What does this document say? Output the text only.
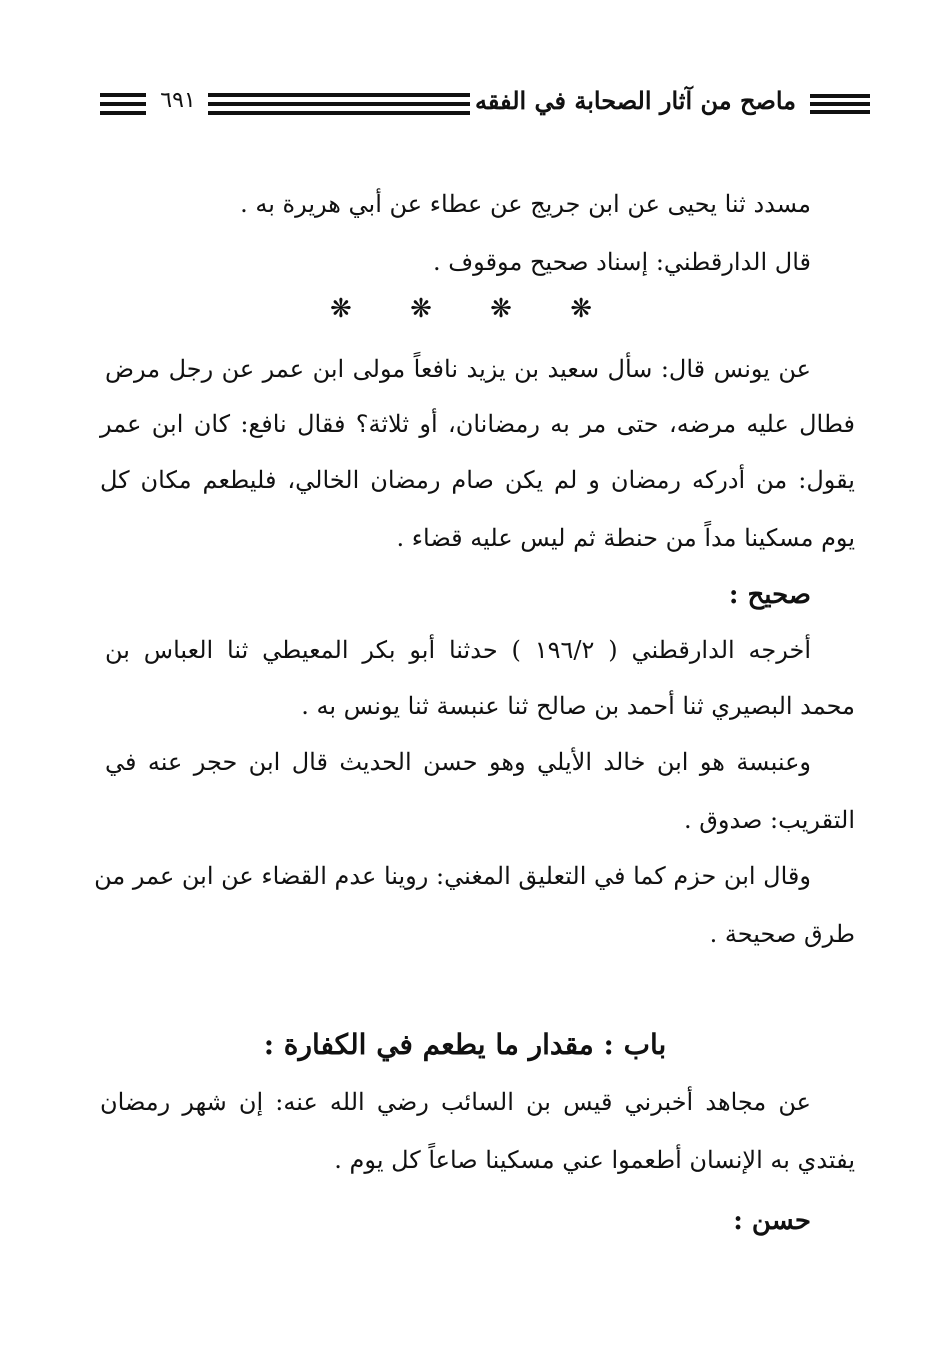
٦٩١	ماصح من آثار الصحابة في الفقه
مسدد ثنا يحيى عن ابن جريج عن عطاء عن أبي هريرة به .
قال الدارقطني: إسناد صحيح موقوف .
❋ ❋ ❋ ❋
عن يونس قال: سأل سعيد بن يزيد نافعاً مولى ابن عمر عن رجل مرض
فطال عليه مرضه، حتى مر به رمضانان، أو ثلاثة؟ فقال نافع: كان ابن عمر
يقول: من أدركه رمضان و لم يكن صام رمضان الخالي، فليطعم مكان كل
يوم مسكينا مداً من حنطة ثم ليس عليه قضاء .
صحيح :
أخرجه الدارقطني ( ١٩٦/٢ ) حدثنا أبو بكر المعيطي ثنا العباس بن
محمد البصيري ثنا أحمد بن صالح ثنا عنبسة ثنا يونس به .
وعنبسة هو ابن خالد الأيلي وهو حسن الحديث قال ابن حجر عنه في
التقريب: صدوق .
وقال ابن حزم كما في التعليق المغني: روينا عدم القضاء عن ابن عمر من
طرق صحيحة .
باب : مقدار ما يطعم في الكفارة :
عن مجاهد أخبرني قيس بن السائب رضي الله عنه: إن شهر رمضان
يفتدي به الإنسان أطعموا عني مسكينا صاعاً كل يوم .
حسن :
